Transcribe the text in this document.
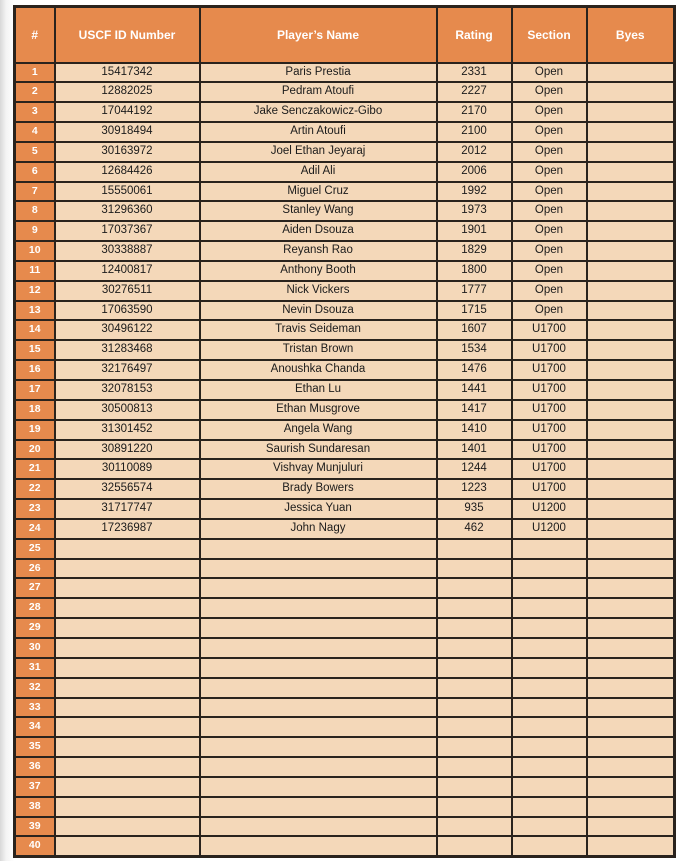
#	USCF ID Number	Player’s Name	Rating	Section	Byes
1	15417342	Paris Prestia	2331	Open	
2	12882025	Pedram Atoufi	2227	Open	
3	17044192	Jake Senczakowicz-Gibo	2170	Open	
4	30918494	Artin Atoufi	2100	Open	
5	30163972	Joel Ethan Jeyaraj	2012	Open	
6	12684426	Adil Ali	2006	Open	
7	15550061	Miguel Cruz	1992	Open	
8	31296360	Stanley Wang	1973	Open	
9	17037367	Aiden Dsouza	1901	Open	
10	30338887	Reyansh Rao	1829	Open	
11	12400817	Anthony Booth	1800	Open	
12	30276511	Nick Vickers	1777	Open	
13	17063590	Nevin Dsouza	1715	Open	
14	30496122	Travis Seideman	1607	U1700	
15	31283468	Tristan Brown	1534	U1700	
16	32176497	Anoushka Chanda	1476	U1700	
17	32078153	Ethan Lu	1441	U1700	
18	30500813	Ethan Musgrove	1417	U1700	
19	31301452	Angela Wang	1410	U1700	
20	30891220	Saurish Sundaresan	1401	U1700	
21	30110089	Vishvay Munjuluri	1244	U1700	
22	32556574	Brady Bowers	1223	U1700	
23	31717747	Jessica Yuan	935	U1200	
24	17236987	John Nagy	462	U1200	
25					
26					
27					
28					
29					
30					
31					
32					
33					
34					
35					
36					
37					
38					
39					
40					
